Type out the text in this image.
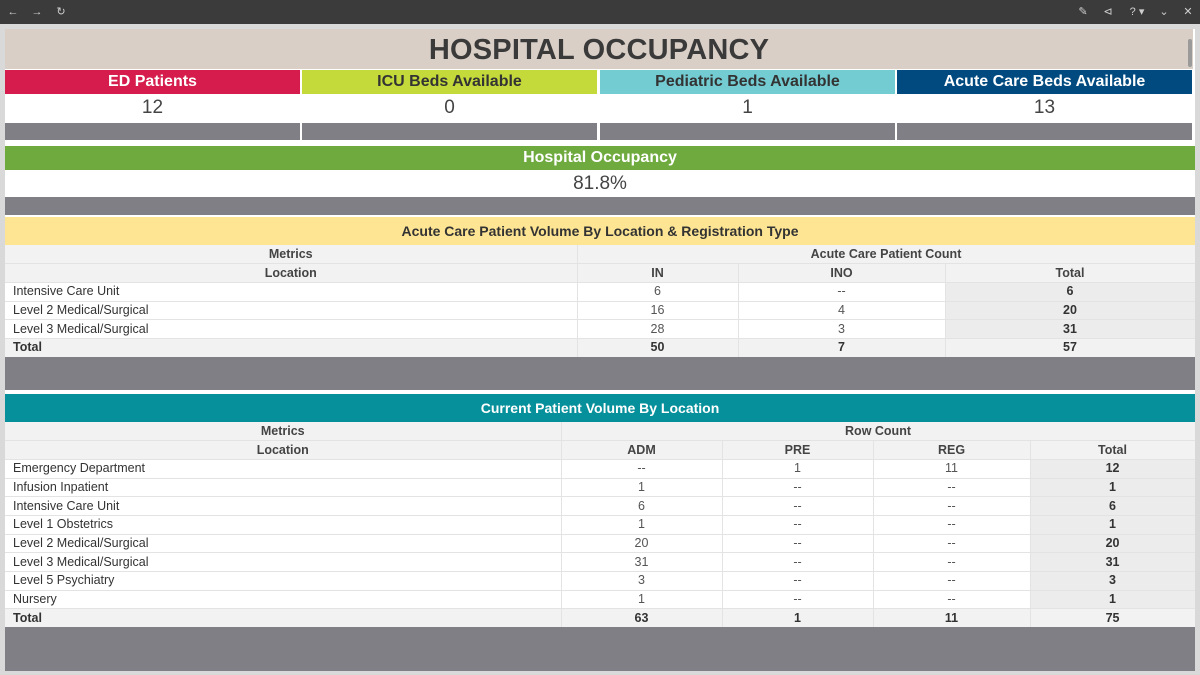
← → ↻	✎ ⊲	? ▾	⌄ ✕
HOSPITAL OCCUPANCY
ED Patients
12
ICU Beds Available
0
Pediatric Beds Available
1
Acute Care Beds Available
13
Hospital Occupancy
81.8%
Acute Care Patient Volume By Location & Registration Type
Metrics	Acute Care Patient Count		
Location	IN	INO	Total
Intensive Care Unit	6	--	6
Level 2 Medical/Surgical	16	4	20
Level 3 Medical/Surgical	28	3	31
Total	50	7	57
Current Patient Volume By Location
Metrics	Row Count			
Location	ADM	PRE	REG	Total
Emergency Department	--	1	11	12
Infusion Inpatient	1	--	--	1
Intensive Care Unit	6	--	--	6
Level 1 Obstetrics	1	--	--	1
Level 2 Medical/Surgical	20	--	--	20
Level 3 Medical/Surgical	31	--	--	31
Level 5 Psychiatry	3	--	--	3
Nursery	1	--	--	1
Total	63	1	11	75
